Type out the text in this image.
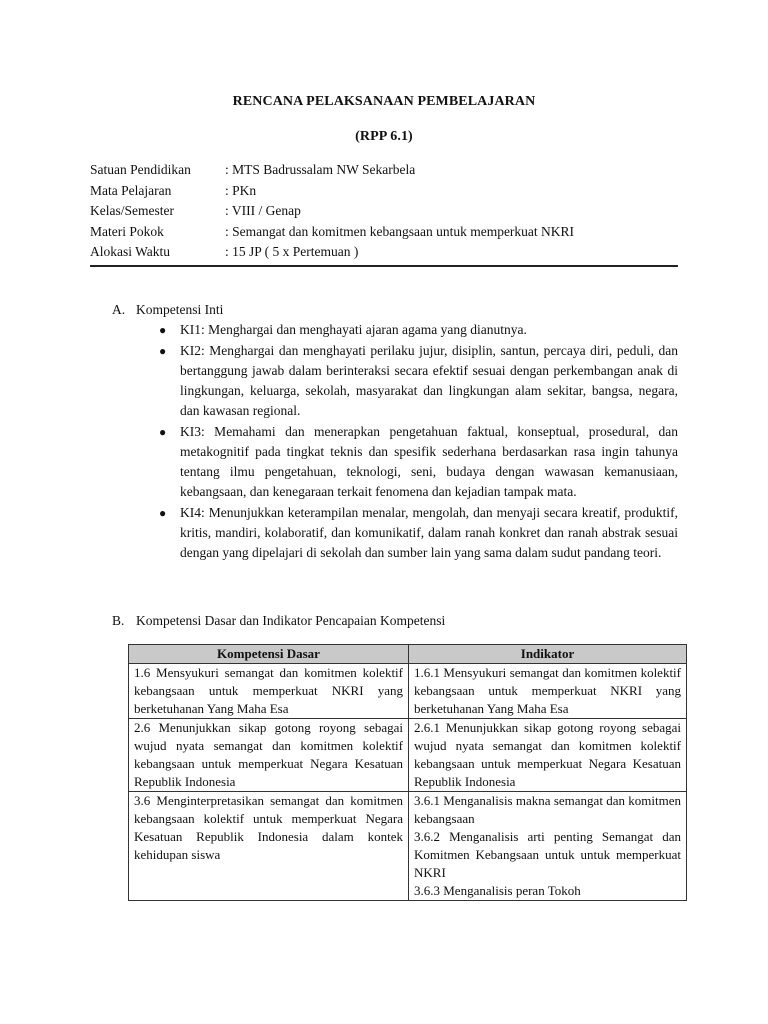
RENCANA PELAKSANAAN PEMBELAJARAN
(RPP 6.1)
Satuan Pendidikan	: MTS Badrussalam NW Sekarbela
Mata Pelajaran	: PKn
Kelas/Semester	: VIII / Genap
Materi Pokok	: Semangat dan komitmen kebangsaan untuk memperkuat NKRI
Alokasi Waktu	: 15 JP ( 5 x Pertemuan )
A. Kompetensi Inti
● KI1: Menghargai dan menghayati ajaran agama yang dianutnya.
● KI2: Menghargai dan menghayati perilaku jujur, disiplin, santun, percaya diri, peduli, dan bertanggung jawab dalam berinteraksi secara efektif sesuai dengan perkembangan anak di lingkungan, keluarga, sekolah, masyarakat dan lingkungan alam sekitar, bangsa, negara, dan kawasan regional.
● KI3: Memahami dan menerapkan pengetahuan faktual, konseptual, prosedural, dan metakognitif pada tingkat teknis dan spesifik sederhana berdasarkan rasa ingin tahunya tentang ilmu pengetahuan, teknologi, seni, budaya dengan wawasan kemanusiaan, kebangsaan, dan kenegaraan terkait fenomena dan kejadian tampak mata.
● KI4: Menunjukkan keterampilan menalar, mengolah, dan menyaji secara kreatif, produktif, kritis, mandiri, kolaboratif, dan komunikatif, dalam ranah konkret dan ranah abstrak sesuai dengan yang dipelajari di sekolah dan sumber lain yang sama dalam sudut pandang teori.
B. Kompetensi Dasar dan Indikator Pencapaian Kompetensi
Kompetensi Dasar	Indikator
1.6 Mensyukuri semangat dan komitmen kolektif kebangsaan untuk memperkuat NKRI yang berketuhanan Yang Maha Esa	1.6.1 Mensyukuri semangat dan komitmen kolektif kebangsaan untuk memperkuat NKRI yang berketuhanan Yang Maha Esa

2.6 Menunjukkan sikap gotong royong sebagai wujud nyata semangat dan komitmen kolektif kebangsaan untuk memperkuat Negara Kesatuan Republik Indonesia	2.6.1 Menunjukkan sikap gotong royong sebagai wujud nyata semangat dan komitmen kolektif kebangsaan untuk memperkuat Negara Kesatuan Republik Indonesia

3.6 Menginterpretasikan semangat dan komitmen kebangsaan kolektif untuk memperkuat Negara Kesatuan Republik Indonesia dalam kontek kehidupan siswa	3.6.1 Menganalisis makna semangat dan komitmen kebangsaan
3.6.2 Menganalisis arti penting Semangat dan Komitmen Kebangsaan untuk untuk memperkuat NKRI
3.6.3 Menganalisis peran Tokoh
